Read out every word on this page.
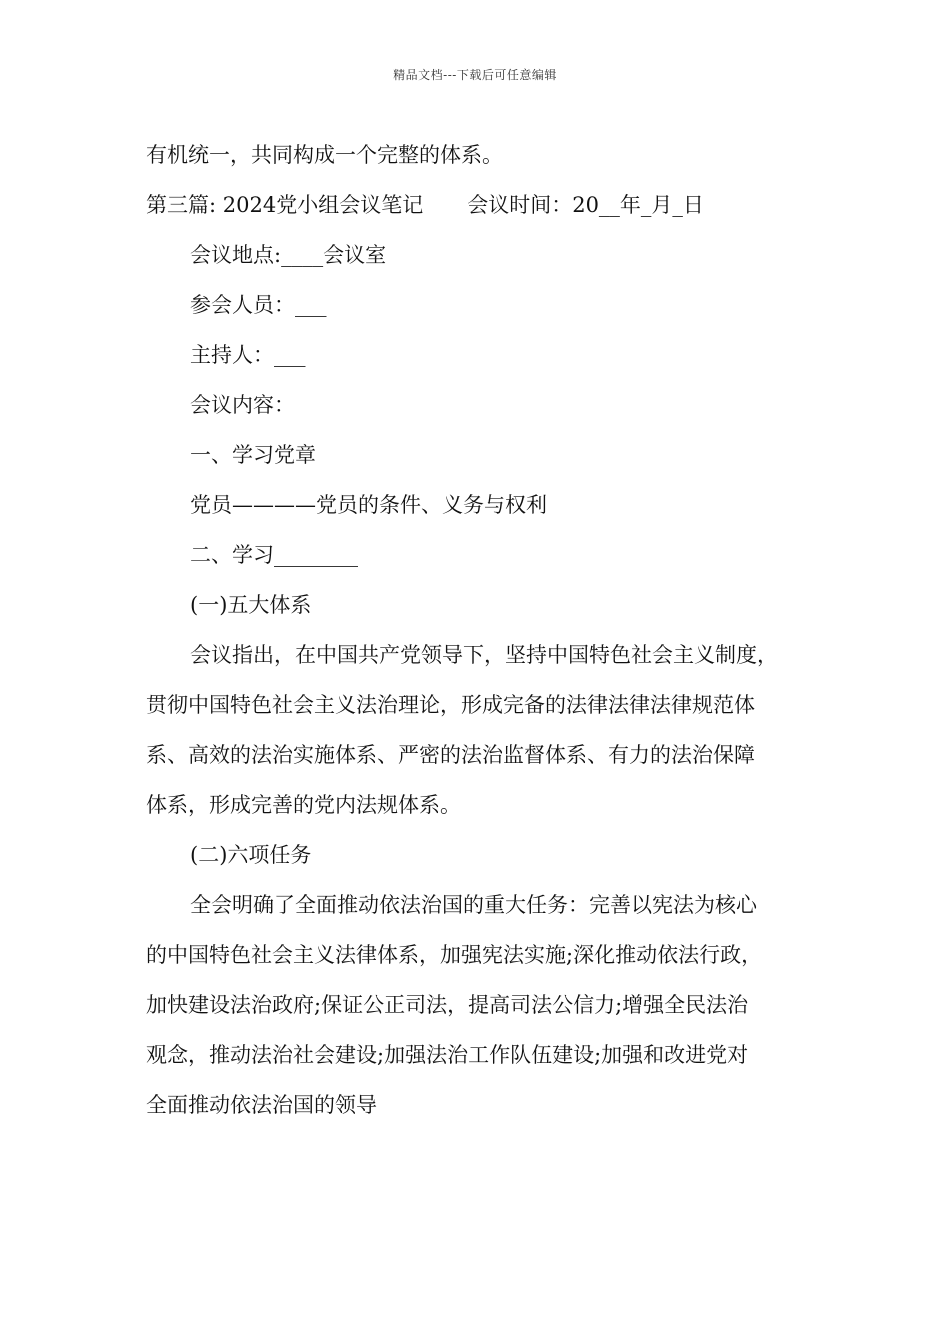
精品文档---下载后可任意编辑
有机统一，共同构成一个完整的体系。
第三篇: 2024党小组会议笔记 会议时间：20__年_月_日
会议地点:____会议室
参会人员：___
主持人：___
会议内容：
一、学习党章
党员————党员的条件、义务与权利
二、学习________
(一)五大体系
会议指出，在中国共产党领导下，坚持中国特色社会主义制度，
贯彻中国特色社会主义法治理论，形成完备的法律法律法律规范体
系、高效的法治实施体系、严密的法治监督体系、有力的法治保障
体系，形成完善的党内法规体系。
(二)六项任务
全会明确了全面推动依法治国的重大任务：完善以宪法为核心
的中国特色社会主义法律体系，加强宪法实施;深化推动依法行政，
加快建设法治政府;保证公正司法，提高司法公信力;增强全民法治
观念，推动法治社会建设;加强法治工作队伍建设;加强和改进党对
全面推动依法治国的领导
